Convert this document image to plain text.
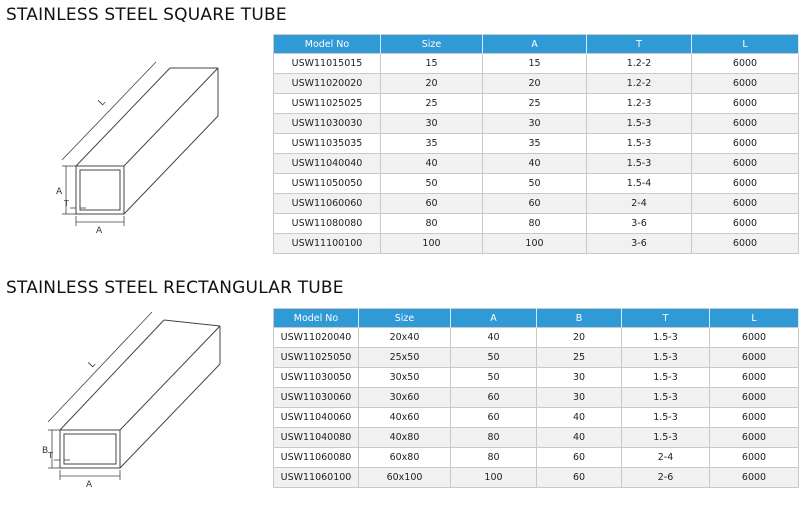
STAINLESS STEEL SQUARE TUBE
L
A
T
A
Model No	Size	A	T	L
USW11015015	15	15	1.2-2	6000
USW11020020	20	20	1.2-2	6000
USW11025025	25	25	1.2-3	6000
USW11030030	30	30	1.5-3	6000
USW11035035	35	35	1.5-3	6000
USW11040040	40	40	1.5-3	6000
USW11050050	50	50	1.5-4	6000
USW11060060	60	60	2-4	6000
USW11080080	80	80	3-6	6000
USW11100100	100	100	3-6	6000
STAINLESS STEEL RECTANGULAR TUBE
L
B T
A
Model No	Size	A	B	T	L
USW11020040	20x40	40	20	1.5-3	6000
USW11025050	25x50	50	25	1.5-3	6000
USW11030050	30x50	50	30	1.5-3	6000
USW11030060	30x60	60	30	1.5-3	6000
USW11040060	40x60	60	40	1.5-3	6000
USW11040080	40x80	80	40	1.5-3	6000
USW11060080	60x80	80	60	2-4	6000
USW11060100	60x100	100	60	2-6	6000
